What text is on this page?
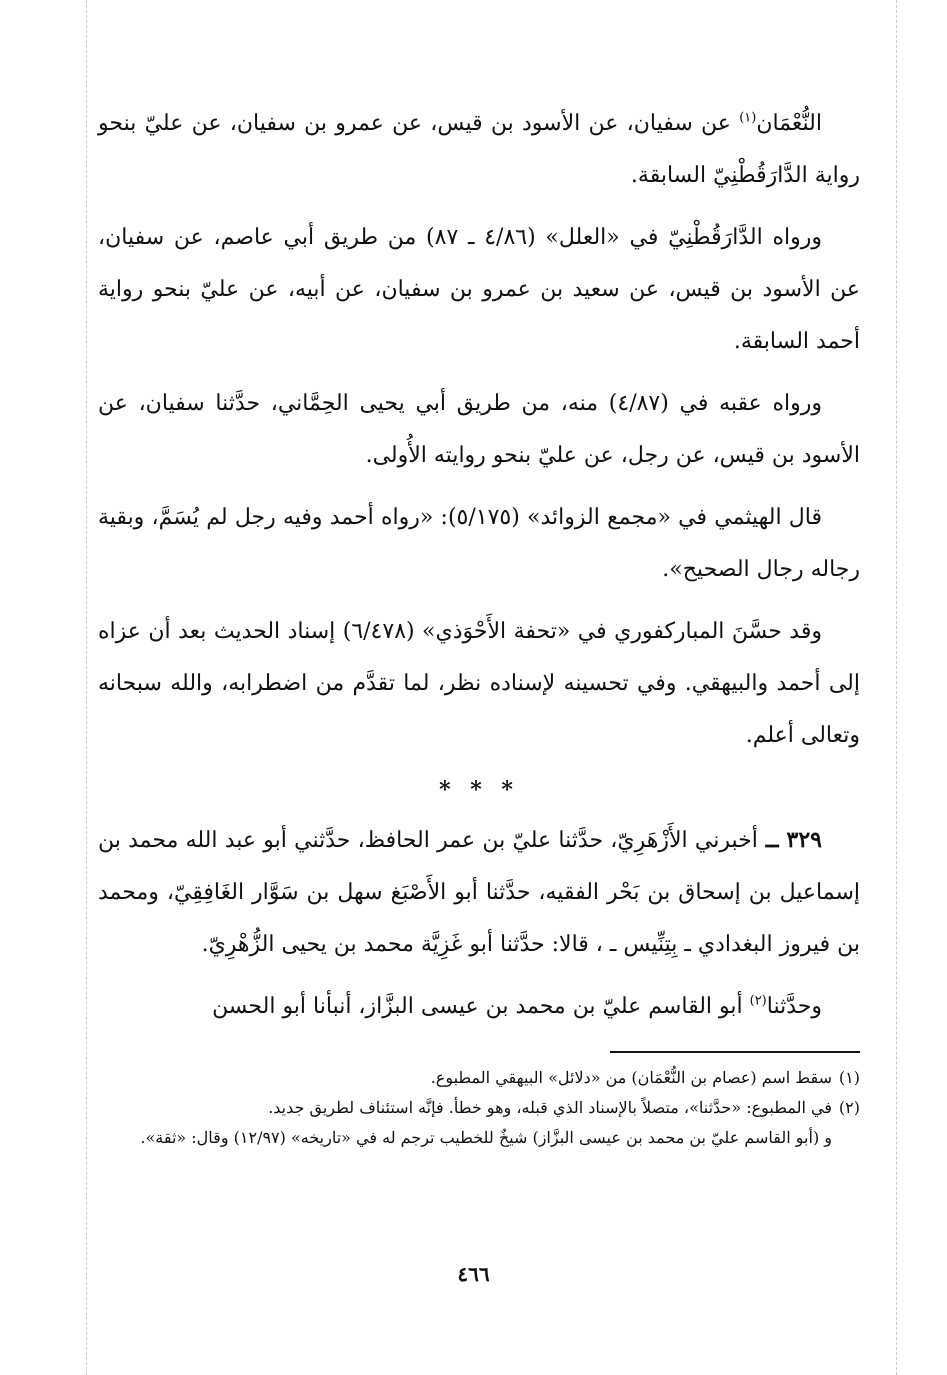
النُّعْمَان$^{(١)}$ عن سفيان، عن الأسود بن قيس، عن عمرو بن سفيان، عن عليّ بنحو رواية الدَّارَقُطْنِيّ السابقة.

ورواه الدَّارَقُطْنِيّ في «العلل» (٤/٨٦ ـ ٨٧) من طريق أبي عاصم، عن سفيان، عن الأسود بن قيس، عن سعيد بن عمرو بن سفيان، عن أبيه، عن عليّ بنحو رواية أحمد السابقة.

ورواه عقبه في (٤/٨٧) منه، من طريق أبي يحيى الحِمَّاني، حدَّثنا سفيان، عن الأسود بن قيس، عن رجل، عن عليّ بنحو روايته الأُولى.

قال الهيثمي في «مجمع الزوائد» (٥/١٧٥): «رواه أحمد وفيه رجل لم يُسَمَّ، وبقية رجاله رجال الصحيح».

وقد حسَّنَ المباركفوري في «تحفة الأَحْوَذي» (٦/٤٧٨) إسناد الحديث بعد أن عزاه إلى أحمد والبيهقي. وفي تحسينه لإسناده نظر، لما تقدَّم من اضطرابه، والله سبحانه وتعالى أعلم.

* * *

٣٢٩ ــ أخبرني الأَزْهَرِيّ، حدَّثنا عليّ بن عمر الحافظ، حدَّثني أبو عبد الله محمد بن إسماعيل بن إسحاق بن بَحْر الفقيه، حدَّثنا أبو الأَصْبَغ سهل بن سَوَّار الغَافِقِيّ، ومحمد بن فيروز البغدادي ـ بِتِنِّيس ـ ، قالا: حدَّثنا أبو غَزِيَّة محمد بن يحيى الزُّهْرِيّ.

وحدَّثنا$^{(٢)}$ أبو القاسم عليّ بن محمد بن عيسى البزَّاز، أنبأنا أبو الحسن

(١)سقط اسم (عصام بن النُّعْمَان) من «دلائل» البيهقي المطبوع.

(٢)في المطبوع: «حدَّثنا»، متصلاً بالإسناد الذي قبله، وهو خطأ. فإنَّه استئناف لطريق جديد.

و (أبو القاسم عليّ بن محمد بن عيسى البزَّاز) شيخٌ للخطيب ترجم له في «تاريخه» (١٢/٩٧) وقال: «ثقة».

٤٦٦
